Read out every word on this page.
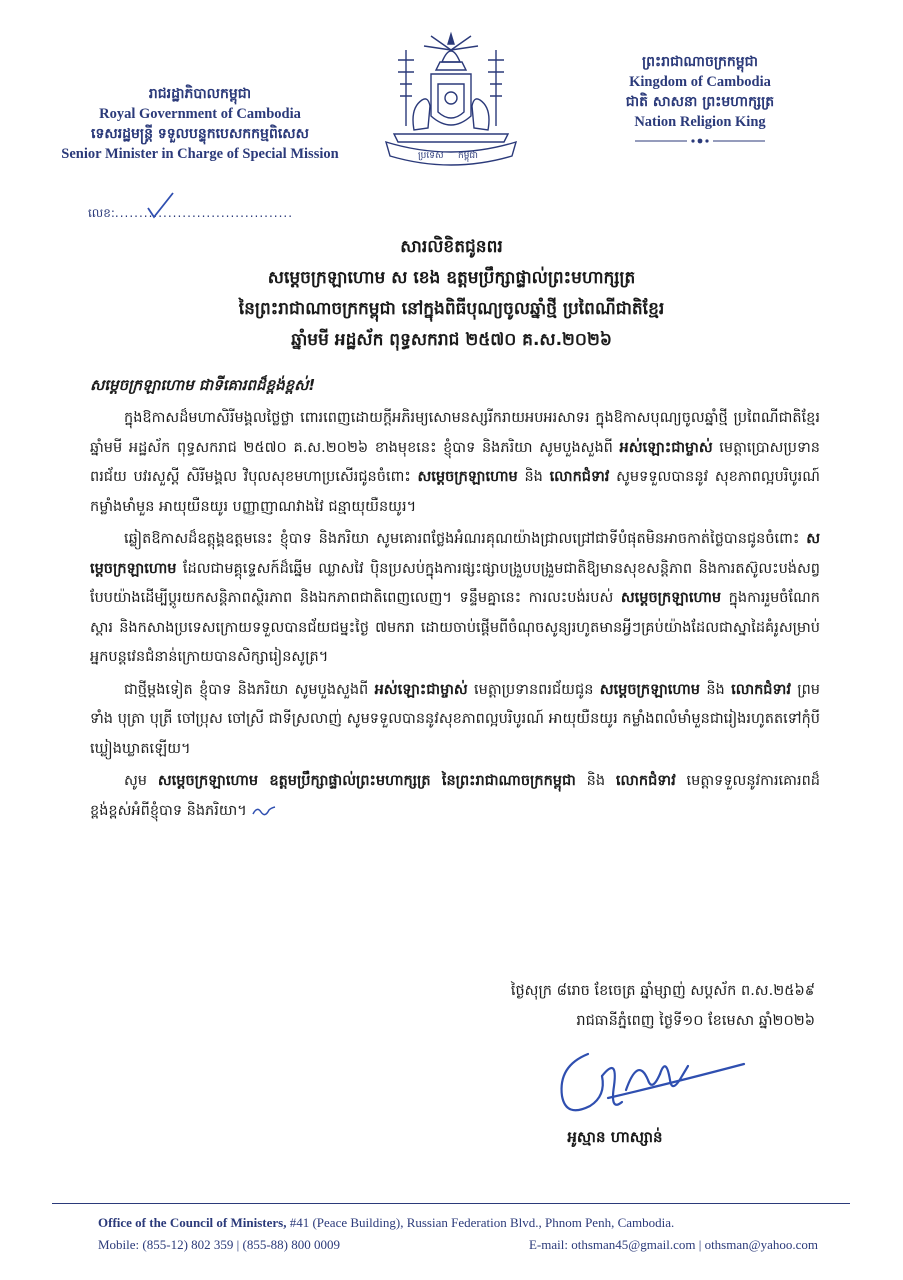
រាជរដ្ឋាភិបាលកម្ពុជា
Royal Government of Cambodia
ទេសរដ្ឋមន្ត្រី ទទួលបន្ទុកបេសកកម្មពិសេស
Senior Minister in Charge of Special Mission
លេខ:.....................................
ប្រទេស កម្ពុជា
ព្រះរាជាណាចក្រកម្ពុជា
Kingdom of Cambodia
ជាតិ សាសនា ព្រះមហាក្សត្រ
Nation Religion King
សារលិខិតជូនពរ
សម្តេចក្រឡាហោម ស ខេង ឧត្តមប្រឹក្សាផ្ទាល់ព្រះមហាក្សត្រ
នៃព្រះរាជាណាចក្រកម្ពុជា នៅក្នុងពិធីបុណ្យចូលឆ្នាំថ្មី ប្រពៃណីជាតិខ្មែរ
ឆ្នាំមមី អដ្ឋស័ក ពុទ្ធសករាជ ២៥៧០ គ.ស.២០២៦
សម្តេចក្រឡាហោម ជាទីគោរពដ៏ខ្ពង់ខ្ពស់!

ក្នុងឱកាសដ៏មហាសិរីមង្គលថ្លៃថ្លា ពោរពេញដោយក្តីអភិរម្យសោមនស្សរីករាយអបអរសាទរ ក្នុងឱកាសបុណ្យចូលឆ្នាំថ្មី ប្រពៃណីជាតិខ្មែរ ឆ្នាំមមី អដ្ឋស័ក ពុទ្ធសករាជ ២៥៧០ គ.ស.២០២៦ ខាងមុខនេះ ខ្ញុំបាទ និងភរិយា សូមបួងសួងពី អស់ឡោះជាម្ចាស់ មេត្តាប្រោសប្រទានពរជ័យ បវរសួស្តី សិរីមង្គល វិបុលសុខមហាប្រសើរជូនចំពោះ សម្តេចក្រឡាហោម និង លោកជំទាវ សូមទទួលបាននូវ សុខភាពល្អបរិបូរណ៍ កម្លាំងមាំមួន អាយុយឺនយូរ បញ្ញាញាណវាងវៃ ជន្មាយុយឺនយូរ។

ឆ្លៀតឱកាសដ៏ឧត្តុង្គឧត្តមនេះ ខ្ញុំបាទ និងភរិយា សូមគោរពថ្លែងអំណរគុណយ៉ាងជ្រាលជ្រៅជាទីបំផុតមិនអាចកាត់ថ្លៃបានជូនចំពោះ សម្តេចក្រឡាហោម ដែលជាមគ្គុទ្ទេសក៍ដ៏ឆ្នើម ឈ្លាសវៃ ប៉ិនប្រសប់ក្នុងការផ្សះផ្សាបង្រួបបង្រួមជាតិឱ្យមានសុខសន្តិភាព និងការតស៊ូលះបង់សព្វបែបយ៉ាងដើម្បីប្តូរយកសន្តិភាពស្ថិរភាព និងឯកភាពជាតិពេញលេញ។ ទន្ទឹមគ្នានេះ ការលះបង់របស់ សម្តេចក្រឡាហោម ក្នុងការរួមចំណែកស្តារ និងកសាងប្រទេសក្រោយទទួលបានជ័យជម្នះថ្ងៃ ៧មករា ដោយចាប់ផ្តើមពីចំណុចសូន្យរហូតមានអ្វីៗគ្រប់យ៉ាងដែលជាស្នាដៃគំរូសម្រាប់អ្នកបន្តវេនជំនាន់ក្រោយបានសិក្សារៀនសូត្រ។

ជាថ្មីម្តងទៀត ខ្ញុំបាទ និងភរិយា សូមបួងសួងពី អស់ឡោះជាម្ចាស់ មេត្តាប្រទានពរជ័យជូន សម្តេចក្រឡាហោម និង លោកជំទាវ ព្រមទាំង បុត្រា បុត្រី ចៅប្រុស ចៅស្រី ជាទីស្រលាញ់ សូមទទួលបាននូវសុខភាពល្អបរិបូរណ៍ អាយុយឺនយូរ កម្លាំងពលំមាំមួនជារៀងរហូតតទៅកុំបីឃ្លៀងឃ្លាតឡើយ។

សូម សម្តេចក្រឡាហោម ឧត្តមប្រឹក្សាផ្ទាល់ព្រះមហាក្សត្រ នៃព្រះរាជាណាចក្រកម្ពុជា និង លោកជំទាវ មេត្តាទទួលនូវការគោរពដ៏ខ្ពង់ខ្ពស់អំពីខ្ញុំបាទ និងភរិយា។

ថ្ងៃសុក្រ ៨រោច ខែចេត្រ ឆ្នាំម្សាញ់ សប្តស័ក ព.ស.២៥៦៩
រាជធានីភ្នំពេញ ថ្ងៃទី១០ ខែមេសា ឆ្នាំ២០២៦
អូស្មាន ហាស្សាន់
Office of the Council of Ministers, #41 (Peace Building), Russian Federation Blvd., Phnom Penh, Cambodia.
Mobile: (855-12) 802 359 | (855-88) 800 0009	E-mail: othsman45@gmail.com | othsman@yahoo.com
